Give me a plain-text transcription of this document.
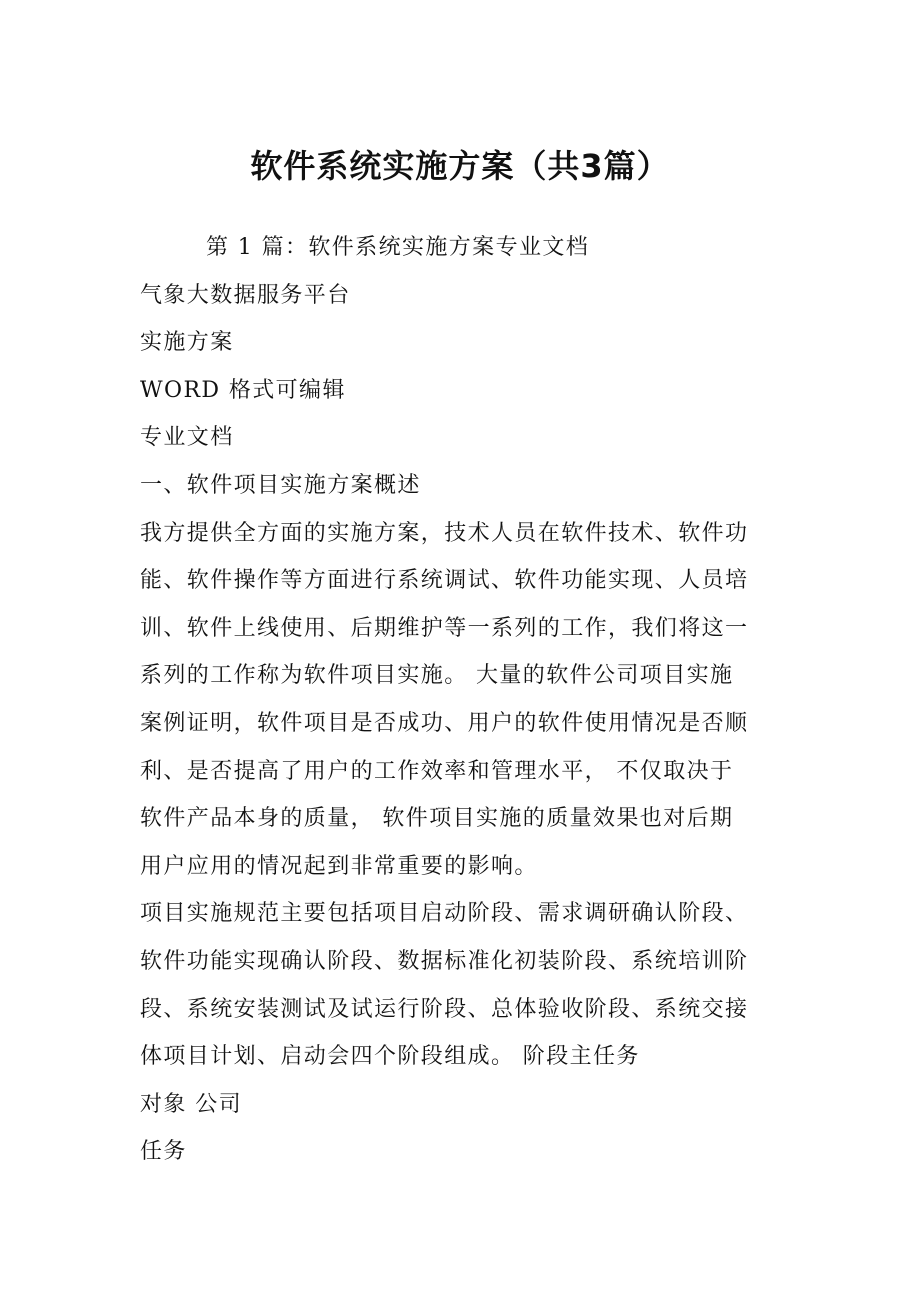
软件系统实施方案（共3篇）
第 1 篇：软件系统实施方案专业文档
气象大数据服务平台
实施方案
WORD 格式可编辑
专业文档
一、软件项目实施方案概述
我方提供全方面的实施方案，技术人员在软件技术、软件功
能、软件操作等方面进行系统调试、软件功能实现、人员培
训、软件上线使用、后期维护等一系列的工作，我们将这一
系列的工作称为软件项目实施。 大量的软件公司项目实施
案例证明，软件项目是否成功、用户的软件使用情况是否顺
利、是否提高了用户的工作效率和管理水平， 不仅取决于
软件产品本身的质量， 软件项目实施的质量效果也对后期
用户应用的情况起到非常重要的影响。
项目实施规范主要包括项目启动阶段、需求调研确认阶段、
软件功能实现确认阶段、数据标准化初装阶段、系统培训阶
段、系统安装测试及试运行阶段、总体验收阶段、系统交接
体项目计划、启动会四个阶段组成。 阶段主任务
对象 公司
任务
